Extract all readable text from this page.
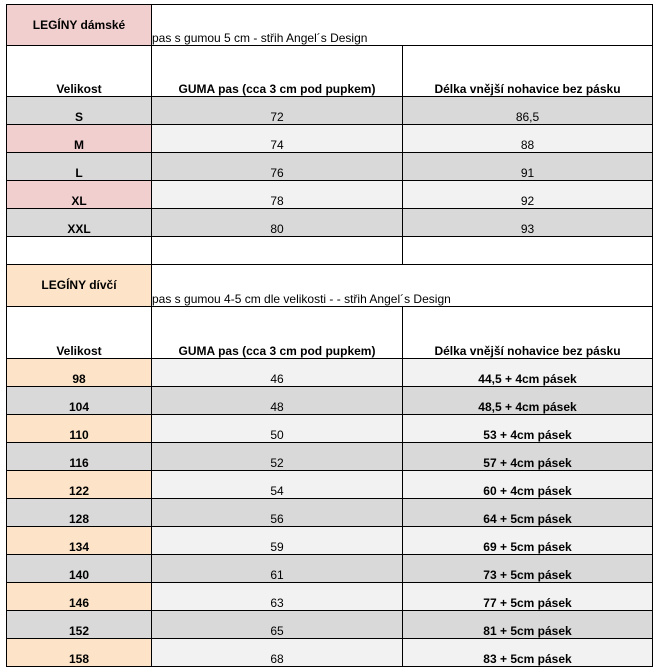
LEGÍNY dámské	pas s gumou 5 cm - střih Angel´s Design	
Velikost	GUMA pas (cca 3 cm pod pupkem)	Délka vnější nohavice bez pásku
S	72	86,5
M	74	88
L	76	91
XL	78	92
XXL	80	93

LEGÍNY dívčí	pas s gumou 4-5 cm dle velikosti - - střih Angel´s Design	
Velikost	GUMA pas (cca 3 cm pod pupkem)	Délka vnější nohavice bez pásku
98	46	44,5 + 4cm pásek
104	48	48,5 + 4cm pásek
110	50	53 + 4cm pásek
116	52	57 + 4cm pásek
122	54	60 + 4cm pásek
128	56	64 + 5cm pásek
134	59	69 + 5cm pásek
140	61	73 + 5cm pásek
146	63	77 + 5cm pásek
152	65	81 + 5cm pásek
158	68	83 + 5cm pásek
